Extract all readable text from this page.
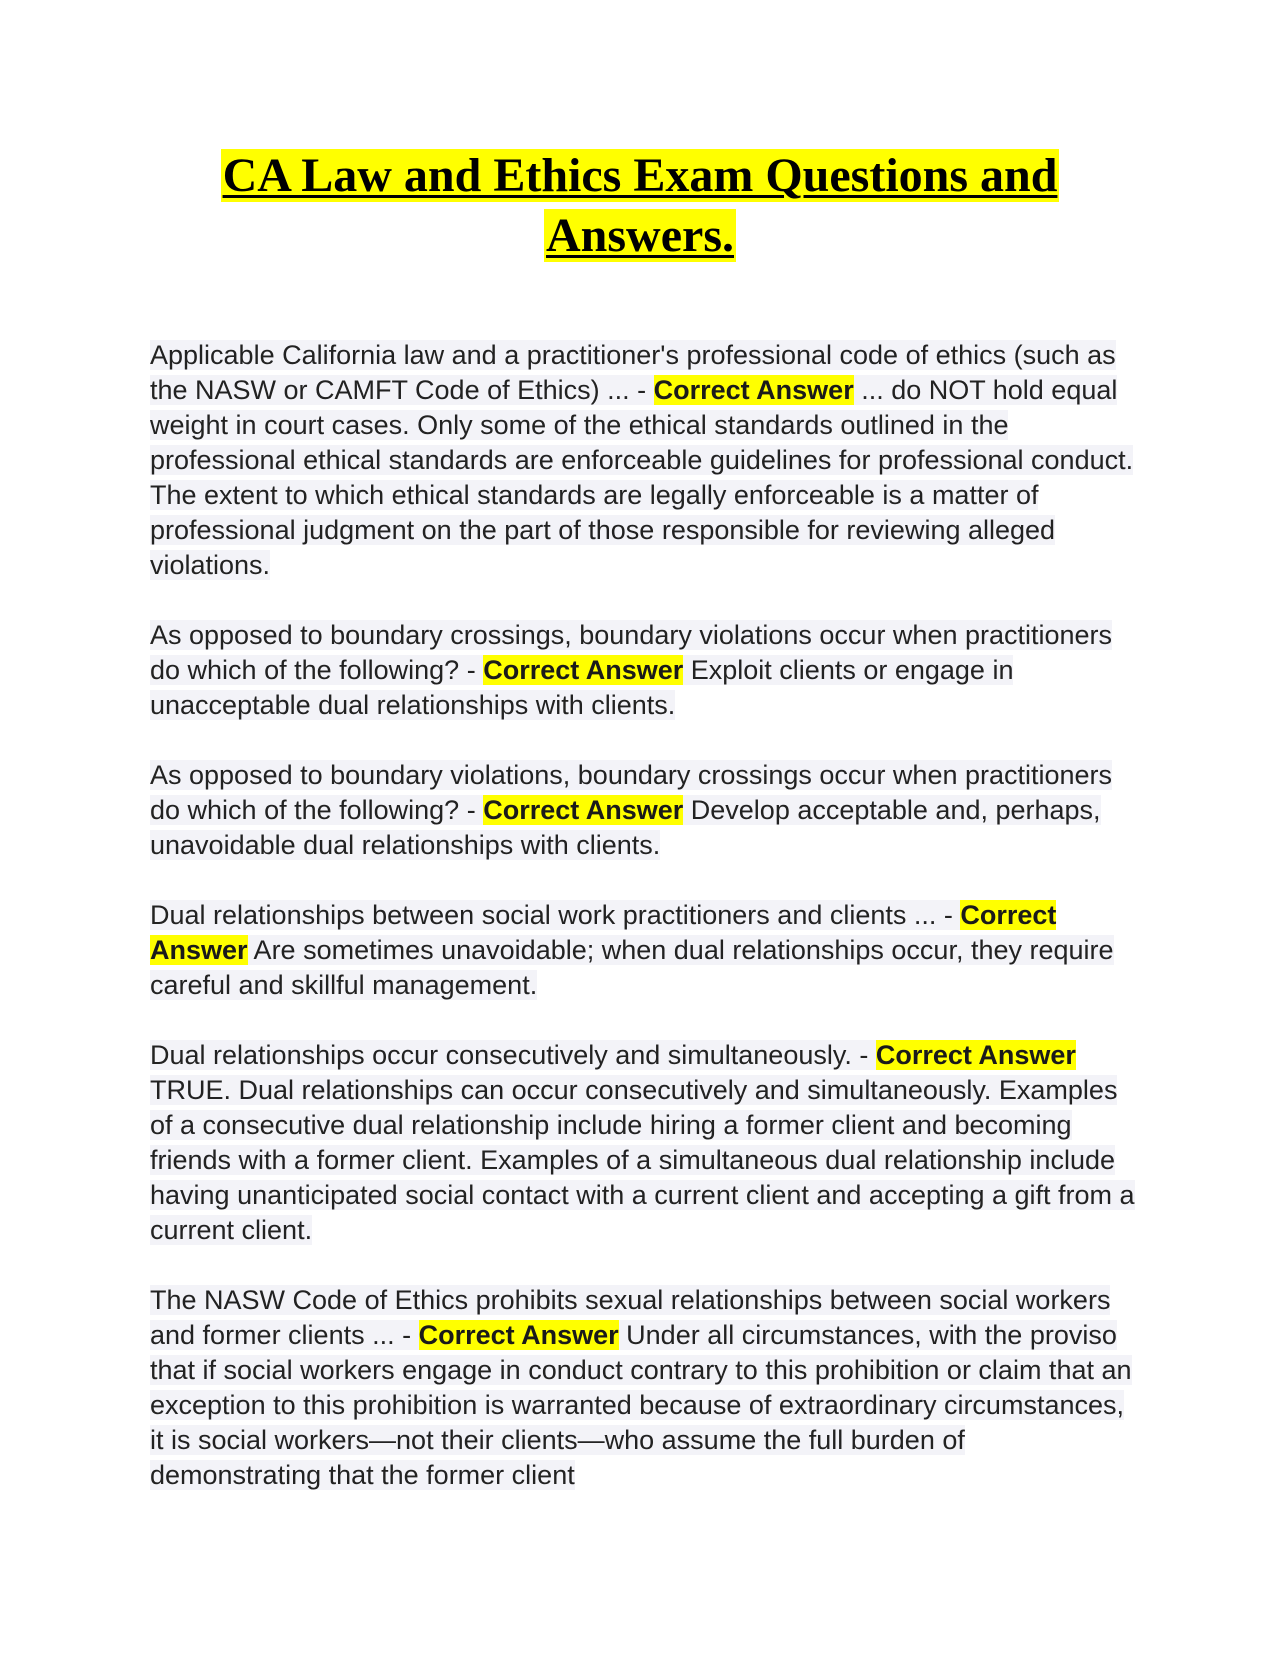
CA Law and Ethics Exam Questions and
Answers.

Applicable California law and a practitioner's professional code of ethics (such as the NASW or CAMFT Code of Ethics) ... - Correct Answer ... do NOT hold equal weight in court cases. Only some of the ethical standards outlined in the professional ethical standards are enforceable guidelines for professional conduct. The extent to which ethical standards are legally enforceable is a matter of professional judgment on the part of those responsible for reviewing alleged violations.

As opposed to boundary crossings, boundary violations occur when practitioners do which of the following? - Correct Answer Exploit clients or engage in unacceptable dual relationships with clients.

As opposed to boundary violations, boundary crossings occur when practitioners do which of the following? - Correct Answer Develop acceptable and, perhaps, unavoidable dual relationships with clients.

Dual relationships between social work practitioners and clients ... - Correct Answer Are sometimes unavoidable; when dual relationships occur, they require careful and skillful management.

Dual relationships occur consecutively and simultaneously. - Correct Answer TRUE. Dual relationships can occur consecutively and simultaneously. Examples of a consecutive dual relationship include hiring a former client and becoming friends with a former client. Examples of a simultaneous dual relationship include having unanticipated social contact with a current client and accepting a gift from a current client.

The NASW Code of Ethics prohibits sexual relationships between social workers and former clients ... - Correct Answer Under all circumstances, with the proviso that if social workers engage in conduct contrary to this prohibition or claim that an exception to this prohibition is warranted because of extraordinary circumstances, it is social workers—not their clients—who assume the full burden of demonstrating that the former client
